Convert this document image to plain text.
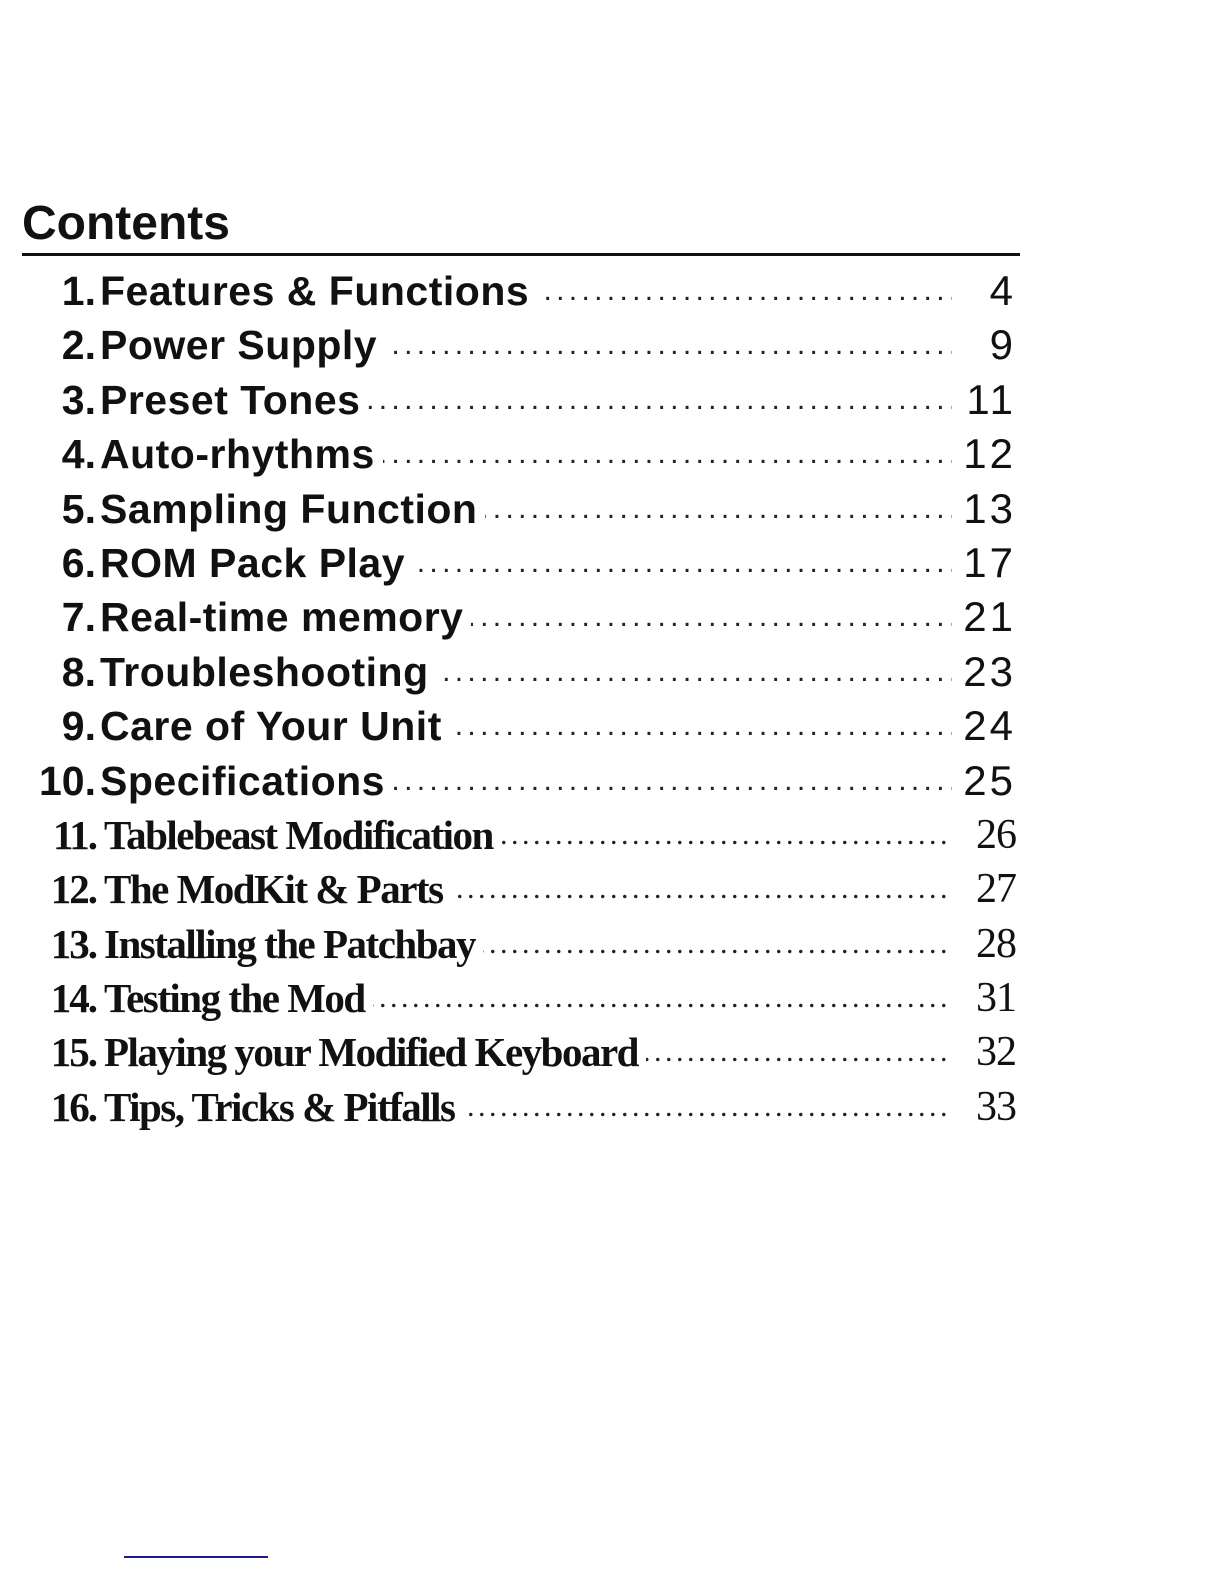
Contents
1. Features & Functions . . .	4
2. Power Supply . . .	9
3. Preset Tones . . .	11
4. Auto-rhythms . . .	12
5. Sampling Function . . .	13
6. ROM Pack Play . . .	17
7. Real-time memory . . .	21
8. Troubleshooting . . .	23
9. Care of Your Unit . . .	24
10. Specifications . . .	25
11. Tablebeast Modification . . .	26
12. The ModKit & Parts . . .	27
13. Installing the Patchbay . . .	28
14. Testing the Mod . . .	31
15. Playing your Modified Keyboard . . .	32
16. Tips, Tricks & Pitfalls . . .	33
